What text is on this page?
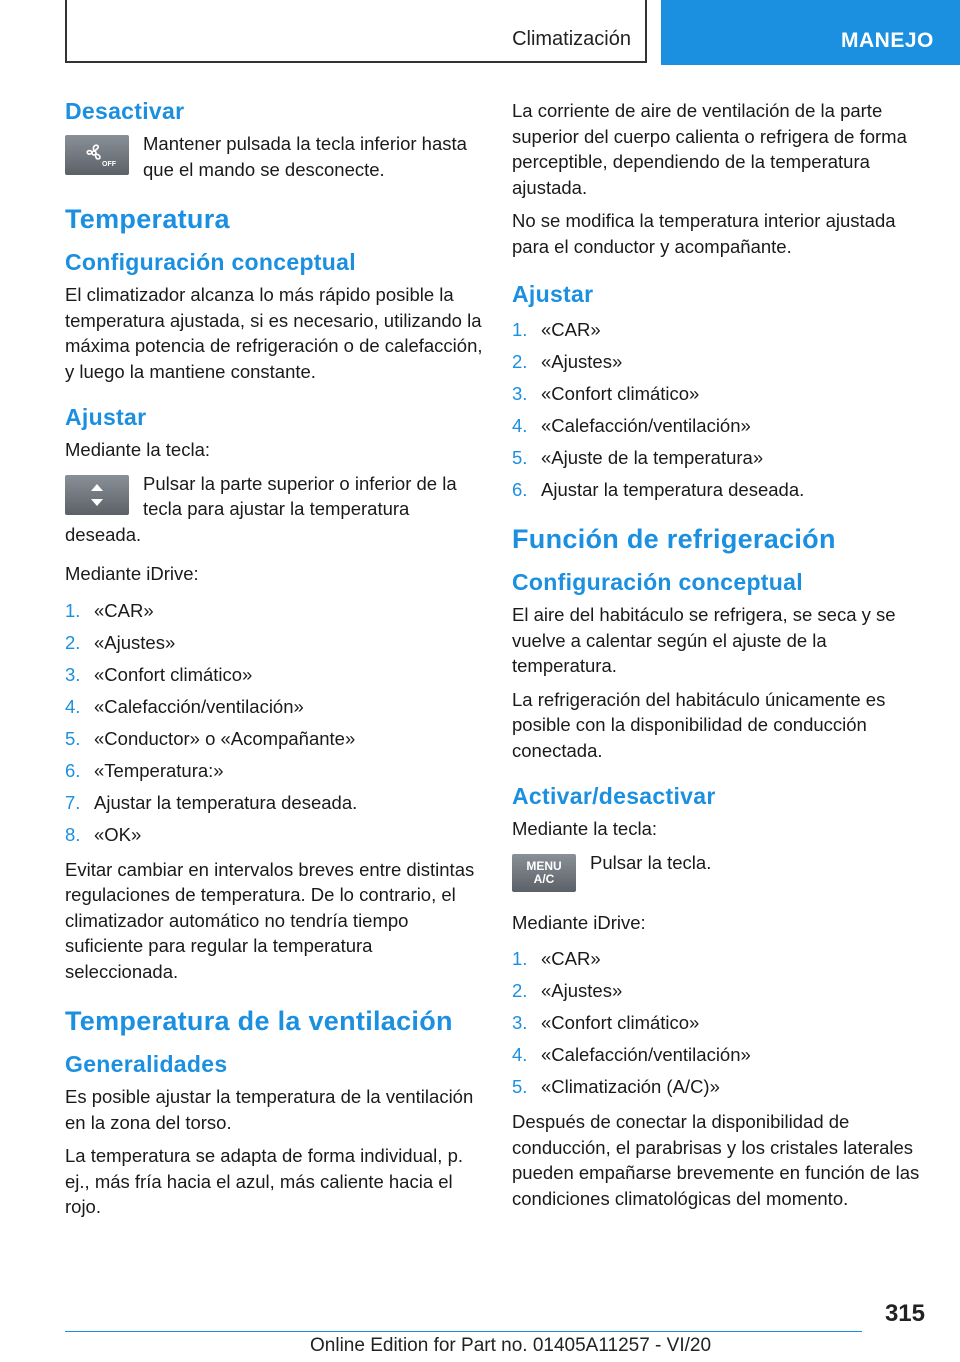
Climatización	MANEJO
Desactivar
OFF
Mantener pulsada la tecla inferior hasta que el mando se desconecte.
Temperatura
Configuración conceptual

El climatizador alcanza lo más rápido posible la temperatura ajustada, si es necesario, utilizando la máxima potencia de refrigeración o de calefacción, y luego la mantiene constante.

Ajustar

Mediante la tecla:

Pulsar la parte superior o inferior de la tecla para ajustar la temperatura deseada.

Mediante iDrive:

1. «CAR»
2. «Ajustes»
3. «Confort climático»
4. «Calefacción/ventilación»
5. «Conductor» o «Acompañante»
6. «Temperatura:»
7. Ajustar la temperatura deseada.
8. «OK»

Evitar cambiar en intervalos breves entre distintas regulaciones de temperatura. De lo contrario, el climatizador automático no tendría tiempo suficiente para regular la temperatura seleccionada.

Temperatura de la ventilación
Generalidades

Es posible ajustar la temperatura de la ventilación en la zona del torso.

La temperatura se adapta de forma individual, p. ej., más fría hacia el azul, más caliente hacia el rojo.

La corriente de aire de ventilación de la parte superior del cuerpo calienta o refrigera de forma perceptible, dependiendo de la temperatura ajustada.

No se modifica la temperatura interior ajustada para el conductor y acompañante.

Ajustar
1. «CAR»
2. «Ajustes»
3. «Confort climático»
4. «Calefacción/ventilación»
5. «Ajuste de la temperatura»
6. Ajustar la temperatura deseada.
Función de refrigeración
Configuración conceptual

El aire del habitáculo se refrigera, se seca y se vuelve a calentar según el ajuste de la temperatura.

La refrigeración del habitáculo únicamente es posible con la disponibilidad de conducción conectada.

Activar/desactivar

Mediante la tecla:

MENU
A/C
Pulsar la tecla.

Mediante iDrive:

1. «CAR»
2. «Ajustes»
3. «Confort climático»
4. «Calefacción/ventilación»
5. «Climatización (A/C)»

Después de conectar la disponibilidad de conducción, el parabrisas y los cristales laterales pueden empañarse brevemente en función de las condiciones climatológicas del momento.

315
Online Edition for Part no. 01405A11257 - VI/20
